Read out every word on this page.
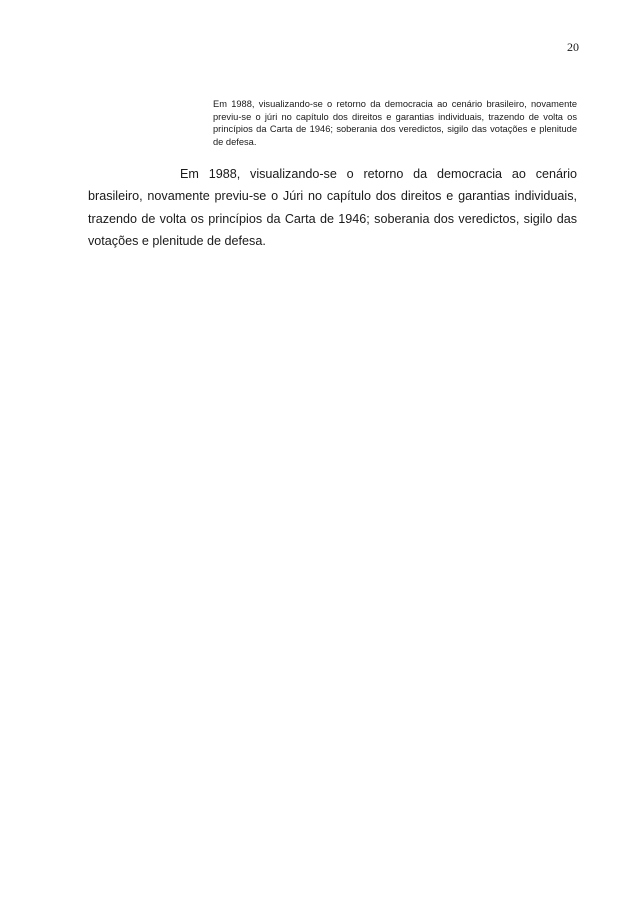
20

Em 1988, visualizando-se o retorno da democracia ao cenário brasileiro, novamente previu-se o júri no capítulo dos direitos e garantias individuais, trazendo de volta os princípios da Carta de 1946; soberania dos veredictos, sigilo das votações e plenitude de defesa.

Em 1988, visualizando-se o retorno da democracia ao cenário brasileiro, novamente previu-se o Júri no capítulo dos direitos e garantias individuais, trazendo de volta os princípios da Carta de 1946; soberania dos veredictos, sigilo das votações e plenitude de defesa.
